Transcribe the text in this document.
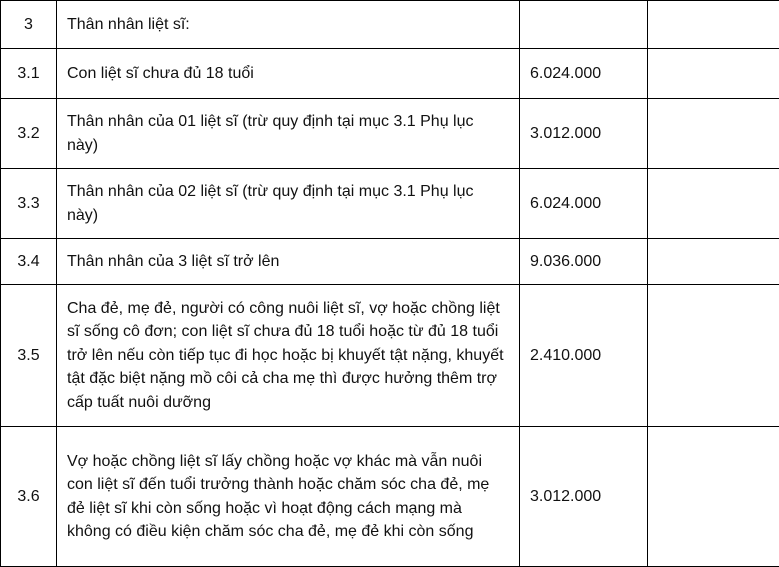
3	Thân nhân liệt sĩ:		
3.1	Con liệt sĩ chưa đủ 18 tuổi	6.024.000	
3.2	Thân nhân của 01 liệt sĩ (trừ quy định tại mục 3.1 Phụ lục này)	3.012.000	
3.3	Thân nhân của 02 liệt sĩ (trừ quy định tại mục 3.1 Phụ lục này)	6.024.000	
3.4	Thân nhân của 3 liệt sĩ trở lên	9.036.000	
3.5	Cha đẻ, mẹ đẻ, người có công nuôi liệt sĩ, vợ hoặc chồng liệt sĩ sống cô đơn; con liệt sĩ chưa đủ 18 tuổi hoặc từ đủ 18 tuổi trở lên nếu còn tiếp tục đi học hoặc bị khuyết tật nặng, khuyết tật đặc biệt nặng mồ côi cả cha mẹ thì được hưởng thêm trợ cấp tuất nuôi dưỡng	2.410.000	
3.6	Vợ hoặc chồng liệt sĩ lấy chồng hoặc vợ khác mà vẫn nuôi con liệt sĩ đến tuổi trưởng thành hoặc chăm sóc cha đẻ, mẹ đẻ liệt sĩ khi còn sống hoặc vì hoạt động cách mạng mà không có điều kiện chăm sóc cha đẻ, mẹ đẻ khi còn sống	3.012.000	
